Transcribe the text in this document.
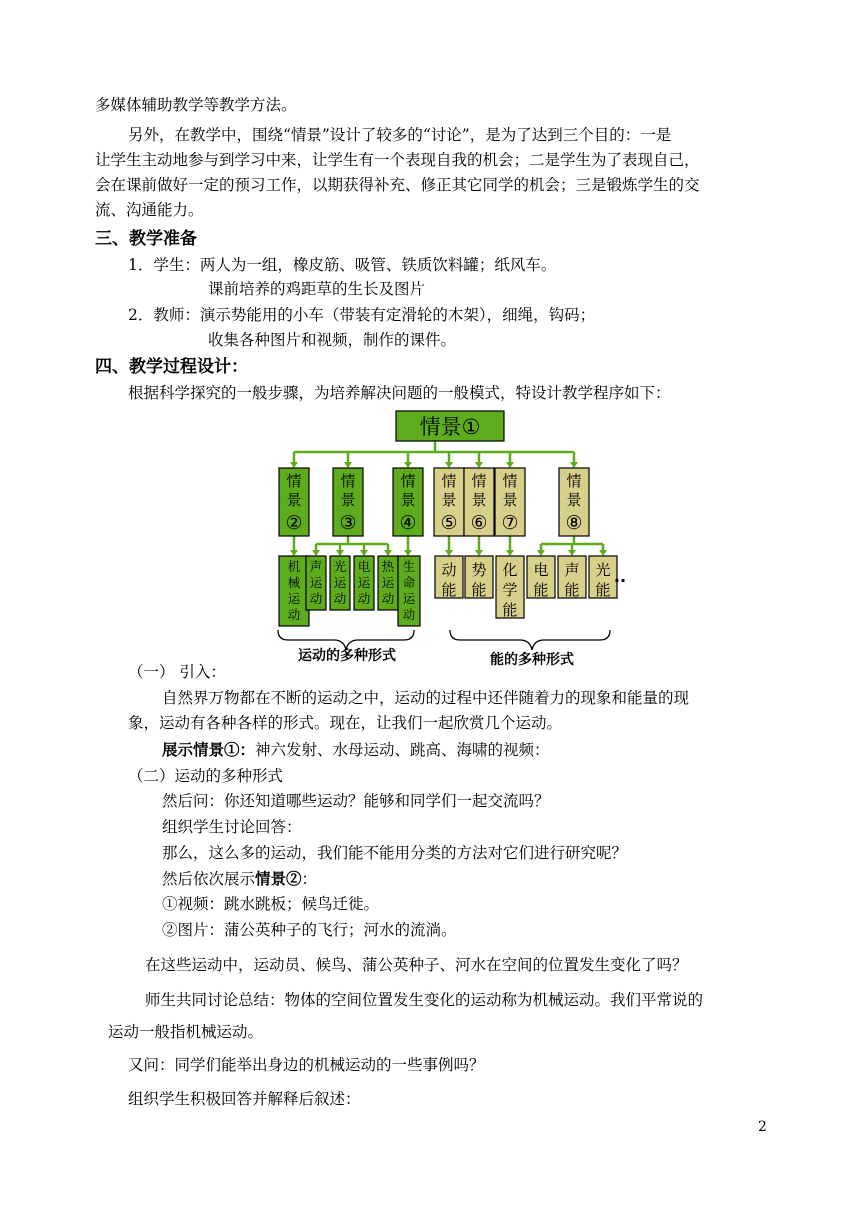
多媒体辅助教学等教学方法。
另外，在教学中，围绕“情景”设计了较多的“讨论”，是为了达到三个目的：一是
让学生主动地参与到学习中来，让学生有一个表现自我的机会；二是学生为了表现自己，
会在课前做好一定的预习工作，以期获得补充、修正其它同学的机会；三是锻炼学生的交
流、沟通能力。
三、教学准备
1．学生：两人为一组，橡皮筋、吸管、铁质饮料罐；纸风车。
课前培养的鸡距草的生长及图片
2．教师：演示势能用的小车（带装有定滑轮的木架），细绳，钩码；
收集各种图片和视频，制作的课件。
四、教学过程设计：
根据科学探究的一般步骤，为培养解决问题的一般模式，特设计教学程序如下：
情景①
情
景
②
情
景
③
情
景
④
情
景
⑤
情
景
⑥
情
景
⑦
情
景
⑧
机
械
运
动
声
运
动
光
运
动
电
运
动
热
运
动
生
命
运
动
动
能
势
能
化
学
能
电
能
声
能
光
能
..
运动的多种形式	能的多种形式
（一） 引入：
自然界万物都在不断的运动之中，运动的过程中还伴随着力的现象和能量的现
象，运动有各种各样的形式。现在，让我们一起欣赏几个运动。
展示情景①：神六发射、水母运动、跳高、海啸的视频：
（二）运动的多种形式
然后问：你还知道哪些运动？能够和同学们一起交流吗？
组织学生讨论回答：
那么，这么多的运动，我们能不能用分类的方法对它们进行研究呢？
然后依次展示情景②：
①视频：跳水跳板；候鸟迁徙。
②图片：蒲公英种子的飞行；河水的流淌。
在这些运动中，运动员、候鸟、蒲公英种子、河水在空间的位置发生变化了吗？
师生共同讨论总结：物体的空间位置发生变化的运动称为机械运动。我们平常说的
运动一般指机械运动。
又问：同学们能举出身边的机械运动的一些事例吗？
组织学生积极回答并解释后叙述：
2
